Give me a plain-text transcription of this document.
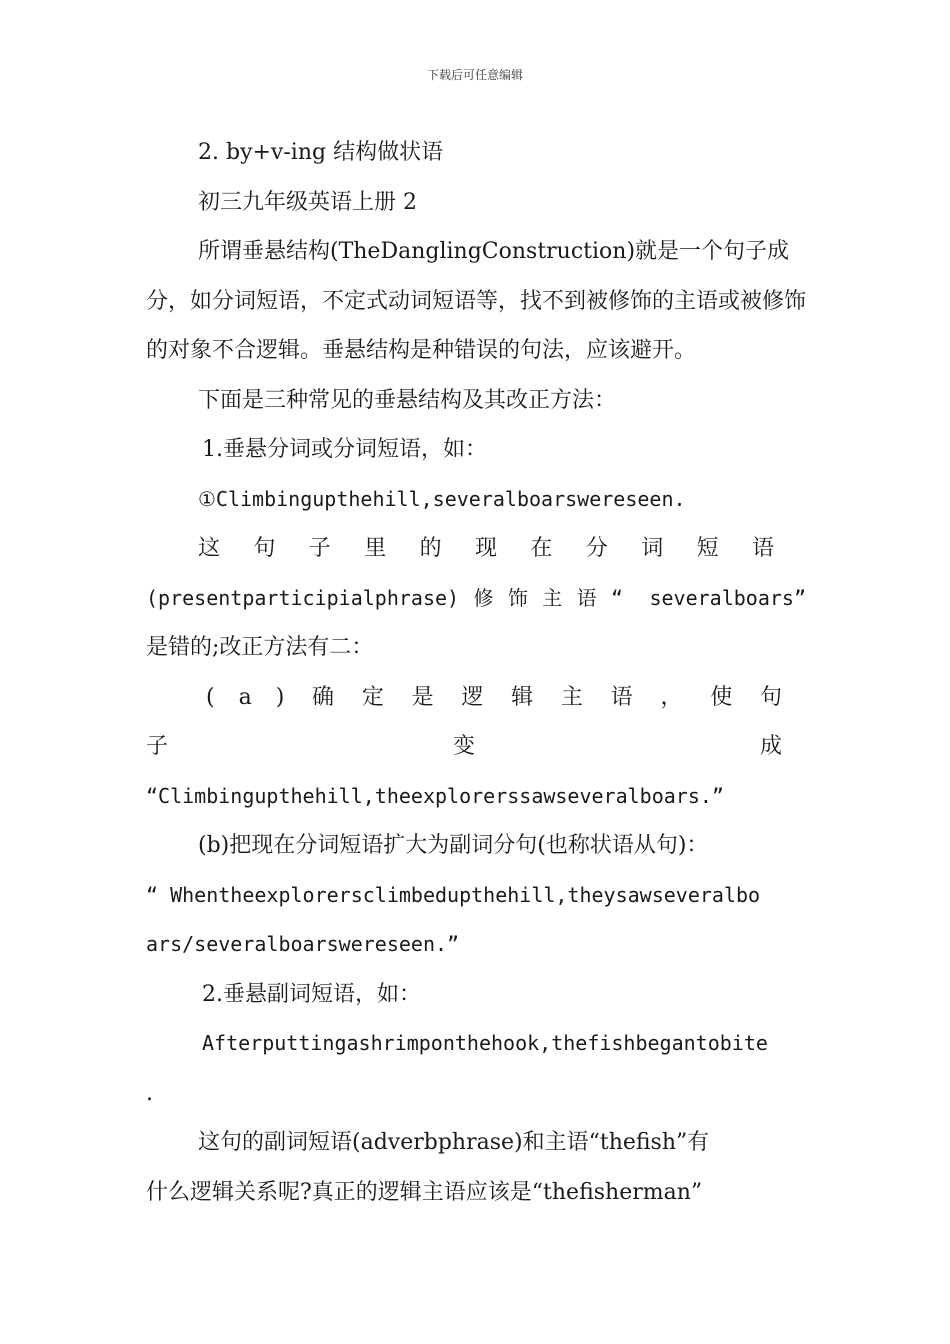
下载后可任意编辑

2. by+v-ing 结构做状语

初三九年级英语上册 2

所谓垂悬结构(TheDanglingConstruction)就是一个句子成分，如分词短语，不定式动词短语等，找不到被修饰的主语或被修饰的对象不合逻辑。垂悬结构是种错误的句法，应该避开。

下面是三种常见的垂悬结构及其改正方法：

1.垂悬分词或分词短语，如：

①Climbingupthehill,severalboarswereseen.

这句子里的现在分词短语

(presentparticipialphrase)修饰主语“ severalboars”

是错的;改正方法有二：

(a)确定是逻辑主语，使句子变成

“Climbingupthehill,theexplorerssawseveralboars.”

(b)把现在分词短语扩大为副词分句(也称状语从句)：

“ Whentheexplorersclimbedupthehill,theysawseveralbo

ars/severalboarswereseen.”

2.垂悬副词短语，如：

Afterputtingashrimponthehook,thefishbegantobite

.

这句的副词短语(adverbphrase)和主语“thefish”有

什么逻辑关系呢?真正的逻辑主语应该是“thefisherman”
